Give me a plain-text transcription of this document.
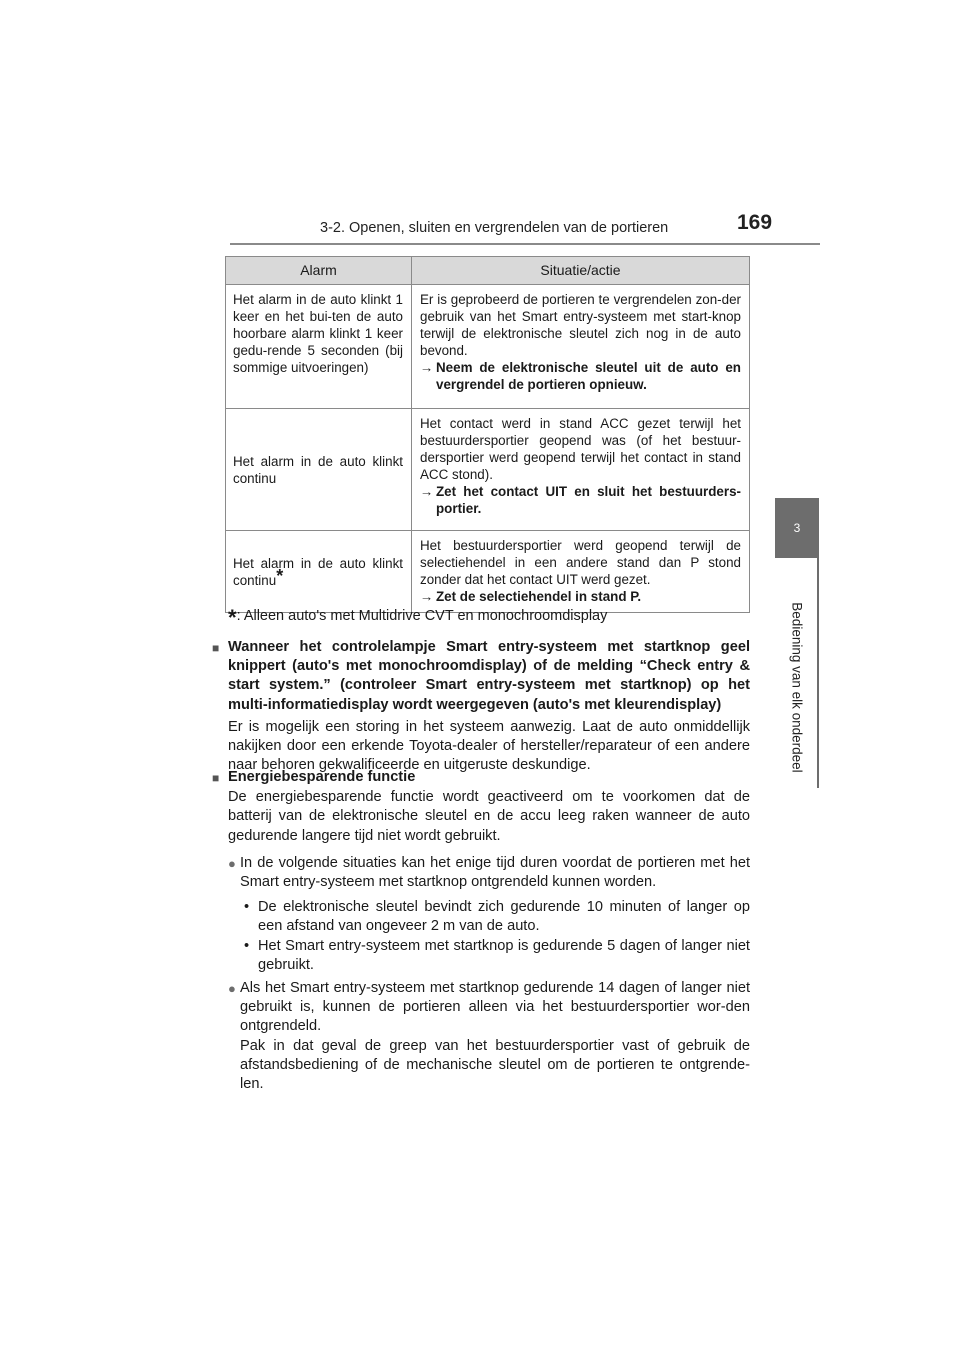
3-2. Openen, sluiten en vergrendelen van de portieren	169
3
Bediening van elk onderdeel
Alarm	Situatie/actie
Het alarm in de auto klinkt 1 keer en het bui-ten de auto hoorbare alarm klinkt 1 keer gedu-rende 5 seconden (bij sommige uitvoeringen)	Er is geprobeerd de portieren te vergrendelen zon-der gebruik van het Smart entry-systeem met start-knop terwijl de elektronische sleutel zich nog in de auto bevond.
→ Neem de elektronische sleutel uit de auto en vergrendel de portieren opnieuw.

Het alarm in de auto klinkt continu	Het contact werd in stand ACC gezet terwijl het bestuurdersportier geopend was (of het bestuur-dersportier werd geopend terwijl het contact in stand ACC stond).
→ Zet het contact UIT en sluit het bestuurders-portier.

Het alarm in de auto klinkt continu*	Het bestuurdersportier werd geopend terwijl de selectiehendel in een andere stand dan P stond zonder dat het contact UIT werd gezet.
→ Zet de selectiehendel in stand P.
*: Alleen auto's met Multidrive CVT en monochroomdisplay
■ Wanneer het controlelampje Smart entry-systeem met startknop geel knippert (auto's met monochroomdisplay) of de melding “Check entry & start system.” (controleer Smart entry-systeem met startknop) op het multi-informatiedisplay wordt weergegeven (auto's met kleurendisplay)
Er is mogelijk een storing in het systeem aanwezig. Laat de auto onmiddellijk nakijken door een erkende Toyota-dealer of hersteller/reparateur of een andere naar behoren gekwalificeerde en uitgeruste deskundige.
■ Energiebesparende functie
De energiebesparende functie wordt geactiveerd om te voorkomen dat de batterij van de elektronische sleutel en de accu leeg raken wanneer de auto gedurende langere tijd niet wordt gebruikt.
● In de volgende situaties kan het enige tijd duren voordat de portieren met het Smart entry-systeem met startknop ontgrendeld kunnen worden.
• De elektronische sleutel bevindt zich gedurende 10 minuten of langer op een afstand van ongeveer 2 m van de auto.
• Het Smart entry-systeem met startknop is gedurende 5 dagen of langer niet gebruikt.
● Als het Smart entry-systeem met startknop gedurende 14 dagen of langer niet gebruikt is, kunnen de portieren alleen via het bestuurdersportier wor-den ontgrendeld.
Pak in dat geval de greep van het bestuurdersportier vast of gebruik de afstandsbediening of de mechanische sleutel om de portieren te ontgrende-len.
